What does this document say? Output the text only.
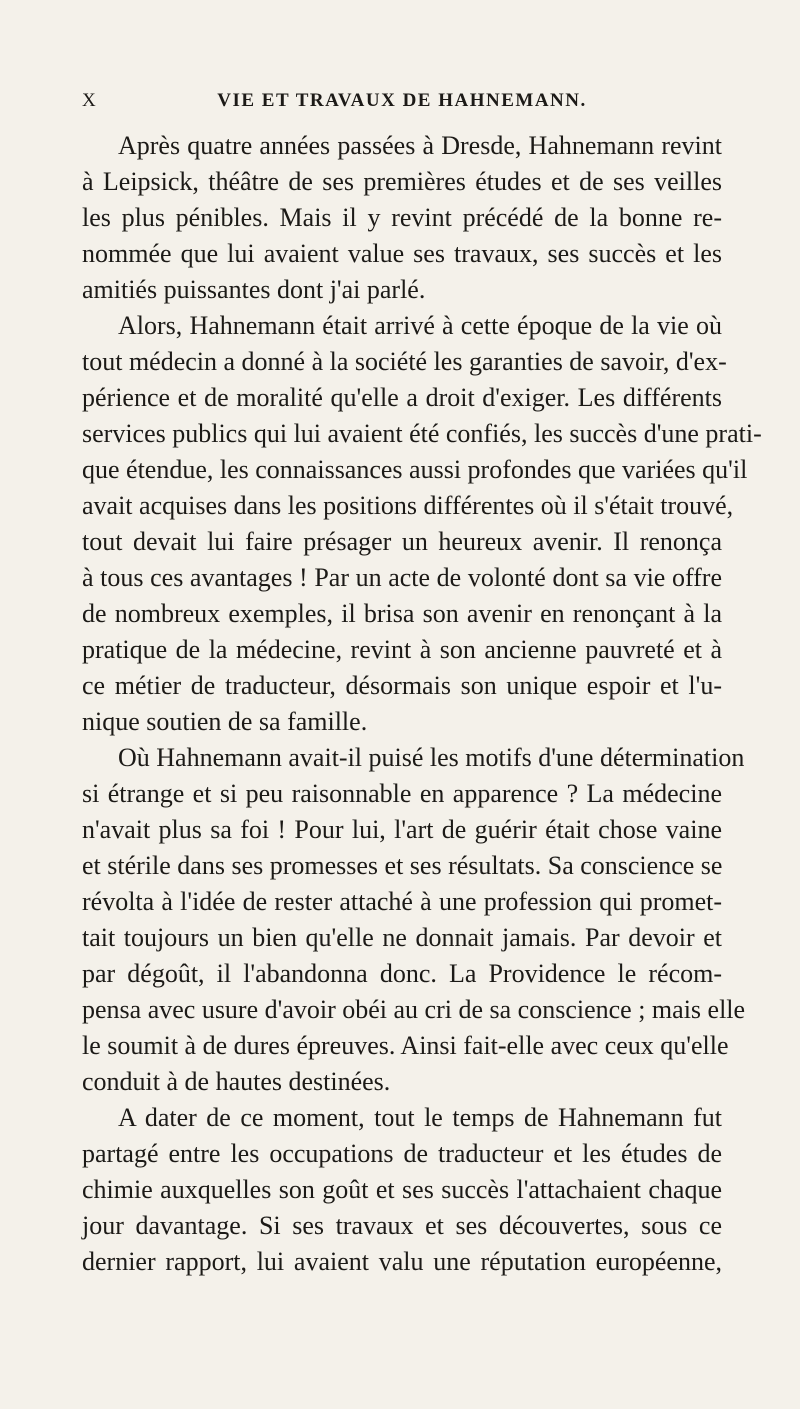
X	VIE ET TRAVAUX DE HAHNEMANN.
Après quatre années passées à Dresde, Hahnemann revint
à Leipsick, théâtre de ses premières études et de ses veilles
les plus pénibles. Mais il y revint précédé de la bonne re-
nommée que lui avaient value ses travaux, ses succès et les
amitiés puissantes dont j'ai parlé.
Alors, Hahnemann était arrivé à cette époque de la vie où
tout médecin a donné à la société les garanties de savoir, d'ex-
périence et de moralité qu'elle a droit d'exiger. Les différents
services publics qui lui avaient été confiés, les succès d'une prati-
que étendue, les connaissances aussi profondes que variées qu'il
avait acquises dans les positions différentes où il s'était trouvé,
tout devait lui faire présager un heureux avenir. Il renonça
à tous ces avantages ! Par un acte de volonté dont sa vie offre
de nombreux exemples, il brisa son avenir en renonçant à la
pratique de la médecine, revint à son ancienne pauvreté et à
ce métier de traducteur, désormais son unique espoir et l'u-
nique soutien de sa famille.
Où Hahnemann avait-il puisé les motifs d'une détermination
si étrange et si peu raisonnable en apparence ? La médecine
n'avait plus sa foi ! Pour lui, l'art de guérir était chose vaine
et stérile dans ses promesses et ses résultats. Sa conscience se
révolta à l'idée de rester attaché à une profession qui promet-
tait toujours un bien qu'elle ne donnait jamais. Par devoir et
par dégoût, il l'abandonna donc. La Providence le récom-
pensa avec usure d'avoir obéi au cri de sa conscience ; mais elle
le soumit à de dures épreuves. Ainsi fait-elle avec ceux qu'elle
conduit à de hautes destinées.
A dater de ce moment, tout le temps de Hahnemann fut
partagé entre les occupations de traducteur et les études de
chimie auxquelles son goût et ses succès l'attachaient chaque
jour davantage. Si ses travaux et ses découvertes, sous ce
dernier rapport, lui avaient valu une réputation européenne,
